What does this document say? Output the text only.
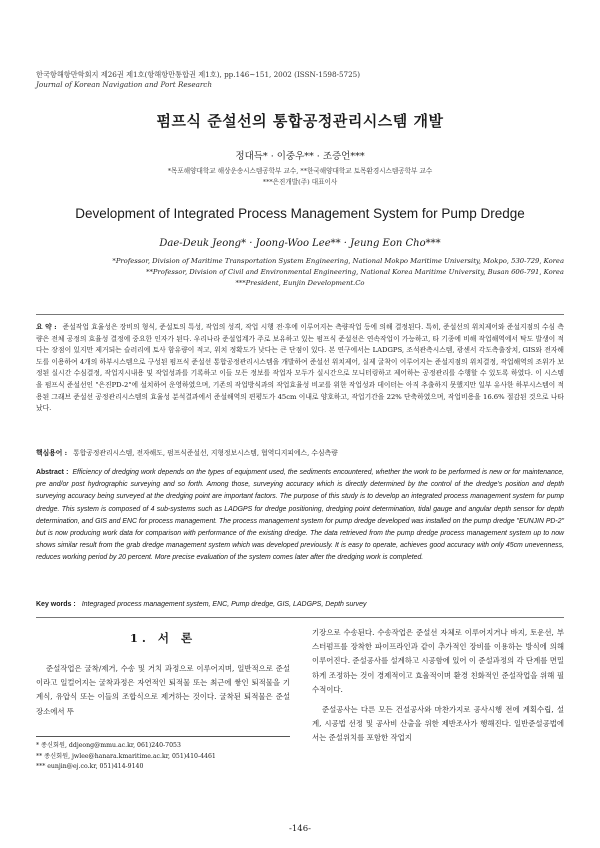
한국항해항만학회지 제26권 제1호(항해항만통합권 제1호), pp.146~151, 2002 (ISSN-1598-5725)
Journal of Korean Navigation and Port Research
펌프식 준설선의 통합공정관리시스템 개발
정대득* · 이중우** · 조증언***
*목포해양대학교 해상운송시스템공학부 교수, **한국해양대학교 토목환경시스템공학부 교수
***은진개발(주) 대표이사
Development of Integrated Process Management System for Pump Dredge
Dae-Deuk Jeong* · Joong-Woo Lee** · Jeung Eon Cho***
*Professor, Division of Maritime Transportation System Engineering, National Mokpo Maritime University, Mokpo, 530-729, Korea
**Professor, Division of Civil and Environmental Engineering, National Korea Maritime University, Busan 606-791, Korea
***President, Eunjin Development.Co
요 약 : 준설작업 효율성은 장비의 형식, 준설토의 특성, 작업의 성격, 작업 시행 전·후에 이루어지는 측량작업 등에 의해 결정된다. 특히, 준설선의 위치제어와 준설지점의 수심 측량은 전체 공정의 효율성 결정에 중요한 인자가 된다. 우리나라 준설업계가 주로 보유하고 있는 펌프식 준설선은 연속작업이 가능하고, 타 기종에 비해 작업해역에서 탁도 발생이 적다는 장점이 있지만 제거되는 슬러리에 토사 함유량이 적고, 위치 정확도가 낮다는 큰 단점이 있다. 본 연구에서는 LADGPS, 조석관측시스템, 광센서 각도측출장치, GIS와 전자해도를 이용하여 4개의 하부시스템으로 구성된 펌프식 준설선 통합공정관리시스템을 개발하여 준설선 위치제어, 실제 굴착이 이루어지는 준설지점의 위치결정, 작업해역의 조위가 보정된 실시간 수심결정, 작업지시내용 및 작업성과를 기록하고 이들 모든 정보를 작업자 모두가 실시간으로 모니터링하고 제어하는 공정관리를 수행할 수 있도록 하였다. 이 시스템을 펌프식 준설선인 "은진PD-2"에 설치하여 운영하였으며, 기존의 작업방식과의 작업효율성 비교를 위한 작업성과 데이터는 아직 추출하지 못했지만 일부 유사한 하부시스템이 적용된 그래브 준설선 공정관리시스템의 효율성 분석결과에서 준설해역의 편평도가 45cm 이내로 양호하고, 작업기간을 22% 단축하였으며, 작업비용을 16.6% 절감된 것으로 나타났다.
핵심용어 : 통합공정관리시스템, 전자해도, 펌프식준설선, 지형정보시스템, 협역디지피에스, 수심측량
Abstract : Efficiency of dredging work depends on the types of equipment used, the sediments encountered, whether the work to be performed is new or for maintenance, pre and/or post hydrographic surveying and so forth. Among those, surveying accuracy which is directly determined by the control of the dredge's position and depth surveying accuracy being surveyed at the dredging point are important factors. The purpose of this study is to develop an integrated process management system for pump dredge. This system is composed of 4 sub-systems such as LADGPS for dredge positioning, dredging point determination, tidal gauge and angular depth sensor for depth determination, and GIS and ENC for process management. The process management system for pump dredge developed was installed on the pump dredge "EUNJIN PD-2" but is now producing work data for comparison with performance of the existing dredge. The data retrieved from the pump dredge process management system up to now shows similar result from the grab dredge management system which was developed previously. It is easy to operate, achieves good accuracy with only 45cm unevenness, reduces working period by 20 percent. More precise evaluation of the system comes later after the dredging work is completed.
Key words : Integraged process management system, ENC, Pump dredge, GIS, LADGPS, Depth survey
1. 서 론

준설작업은 굴착/제거, 수송 및 거치 과정으로 이루어지며, 일반적으로 준설이라고 일컬어지는 굴착과정은 자연적인 퇴적물 또는 최근에 쌓인 퇴적물을 기계식, 유압식 또는 이들의 조합식으로 제거하는 것이다. 굴착된 퇴적물은 준설장소에서 뚜

기장으로 수송된다. 수송작업은 준설선 자체로 이루어지거나 바지, 토운선, 부스터펌프를 장착한 파이프라인과 같이 추가적인 장비를 이용하는 방식에 의해 이루어진다. 준설공사를 설계하고 시공함에 있어 이 준설과정의 각 단계를 면밀하게 조정하는 것이 경제적이고 효율적이며 환경 친화적인 준설작업을 위해 필수적이다.

준설공사는 다른 모든 건설공사와 마찬가지로 공사시행 전에 계획수립, 설계, 시공법 선정 및 공사비 산출을 위한 제반조사가 행해진다. 일반준설공법에서는 준설위치를 포함한 작업지

* 종신회원, ddjeong@mmu.ac.kr, 061)240-7053
** 종신회원, jwlee@hanara.kmaritime.ac.kr, 051)410-4461
*** eunjin@ej.co.kr, 051)414-9140
-146-
